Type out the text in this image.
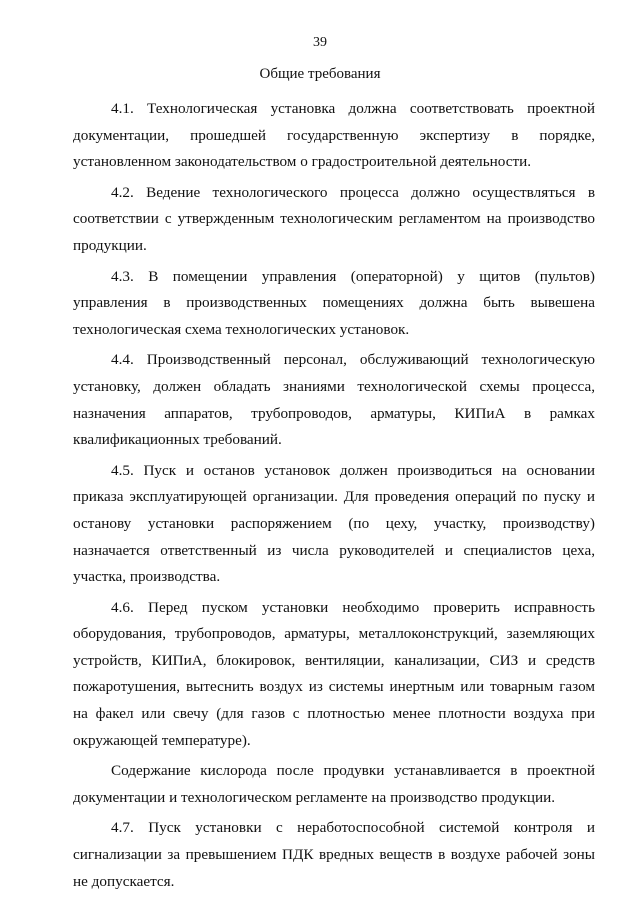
39
Общие требования

4.1. Технологическая установка должна соответствовать проектной документации, прошедшей государственную экспертизу в порядке, установленном законодательством о градостроительной деятельности.

4.2. Ведение технологического процесса должно осуществляться в соответствии с утвержденным технологическим регламентом на производство продукции.

4.3. В помещении управления (операторной) у щитов (пультов) управления в производственных помещениях должна быть вывешена технологическая схема технологических установок.

4.4. Производственный персонал, обслуживающий технологическую установку, должен обладать знаниями технологической схемы процесса, назначения аппаратов, трубопроводов, арматуры, КИПиА в рамках квалификационных требований.

4.5. Пуск и останов установок должен производиться на основании приказа эксплуатирующей организации. Для проведения операций по пуску и останову установки распоряжением (по цеху, участку, производству) назначается ответственный из числа руководителей и специалистов цеха, участка, производства.

4.6. Перед пуском установки необходимо проверить исправность оборудования, трубопроводов, арматуры, металлоконструкций, заземляющих устройств, КИПиА, блокировок, вентиляции, канализации, СИЗ и средств пожаротушения, вытеснить воздух из системы инертным или товарным газом на факел или свечу (для газов с плотностью менее плотности воздуха при окружающей температуре).

Содержание кислорода после продувки устанавливается в проектной документации и технологическом регламенте на производство продукции.

4.7. Пуск установки с неработоспособной системой контроля и сигнализации за превышением ПДК вредных веществ в воздухе рабочей зоны не допускается.
